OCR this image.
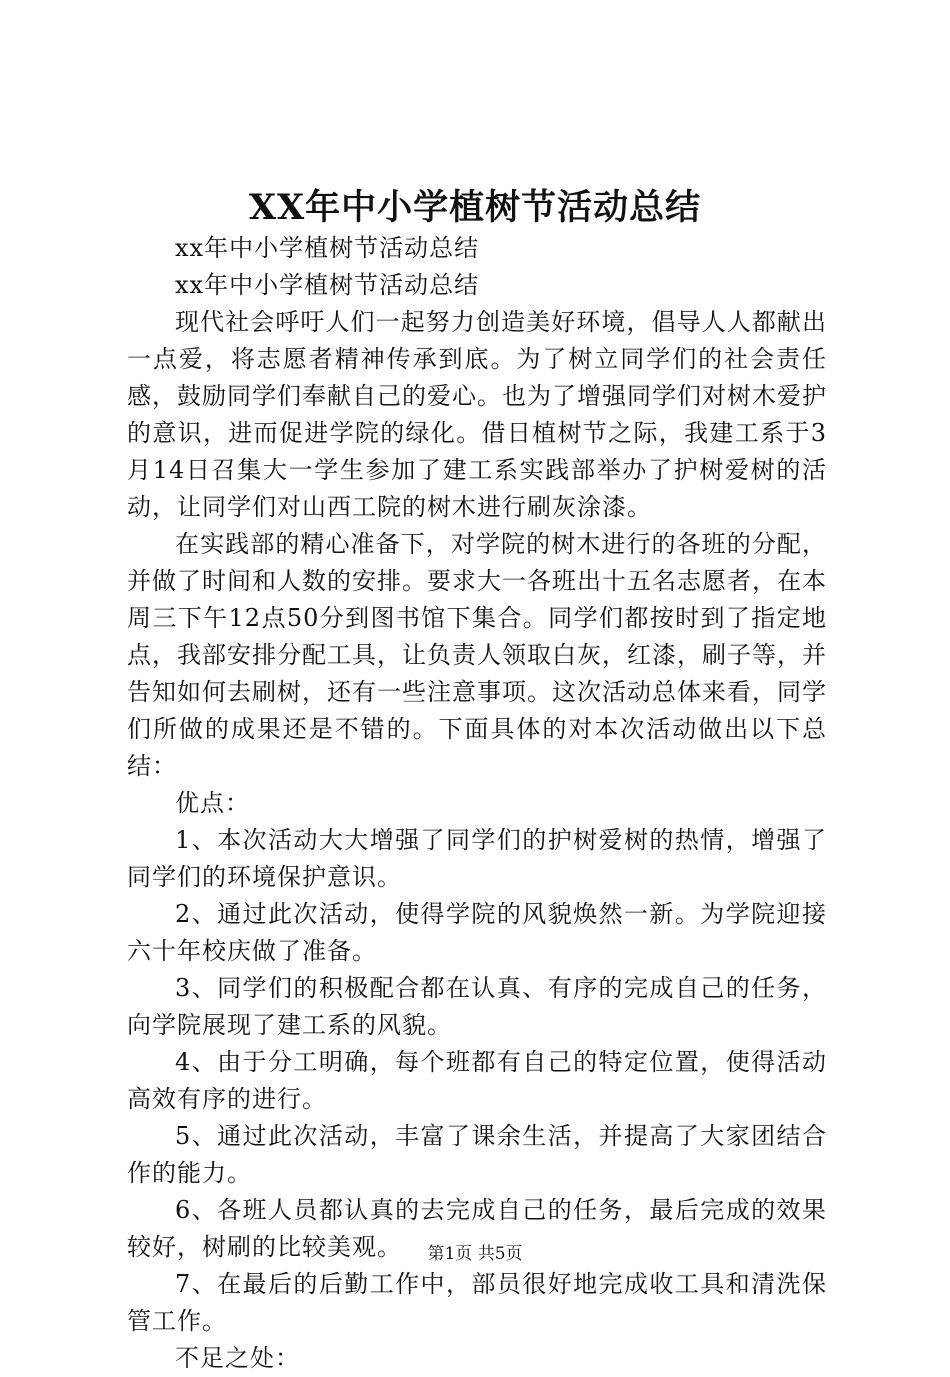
XX年中小学植树节活动总结

xx年中小学植树节活动总结

xx年中小学植树节活动总结

现代社会呼吁人们一起努力创造美好环境，倡导人人都献出一点爱，将志愿者精神传承到底。为了树立同学们的社会责任感，鼓励同学们奉献自己的爱心。也为了增强同学们对树木爱护的意识，进而促进学院的绿化。借日植树节之际，我建工系于3月14日召集大一学生参加了建工系实践部举办了护树爱树的活动，让同学们对山西工院的树木进行刷灰涂漆。

在实践部的精心准备下，对学院的树木进行的各班的分配，并做了时间和人数的安排。要求大一各班出十五名志愿者，在本周三下午12点50分到图书馆下集合。同学们都按时到了指定地点，我部安排分配工具，让负责人领取白灰，红漆，刷子等，并告知如何去刷树，还有一些注意事项。这次活动总体来看，同学们所做的成果还是不错的。下面具体的对本次活动做出以下总结：

优点：

1、本次活动大大增强了同学们的护树爱树的热情，增强了同学们的环境保护意识。

2、通过此次活动，使得学院的风貌焕然一新。为学院迎接六十年校庆做了准备。

3、同学们的积极配合都在认真、有序的完成自己的任务，向学院展现了建工系的风貌。

4、由于分工明确，每个班都有自己的特定位置，使得活动高效有序的进行。

5、通过此次活动，丰富了课余生活，并提高了大家团结合作的能力。

6、各班人员都认真的去完成自己的任务，最后完成的效果较好，树刷的比较美观。

7、在最后的后勤工作中，部员很好地完成收工具和清洗保管工作。

不足之处：

第1页 共5页
